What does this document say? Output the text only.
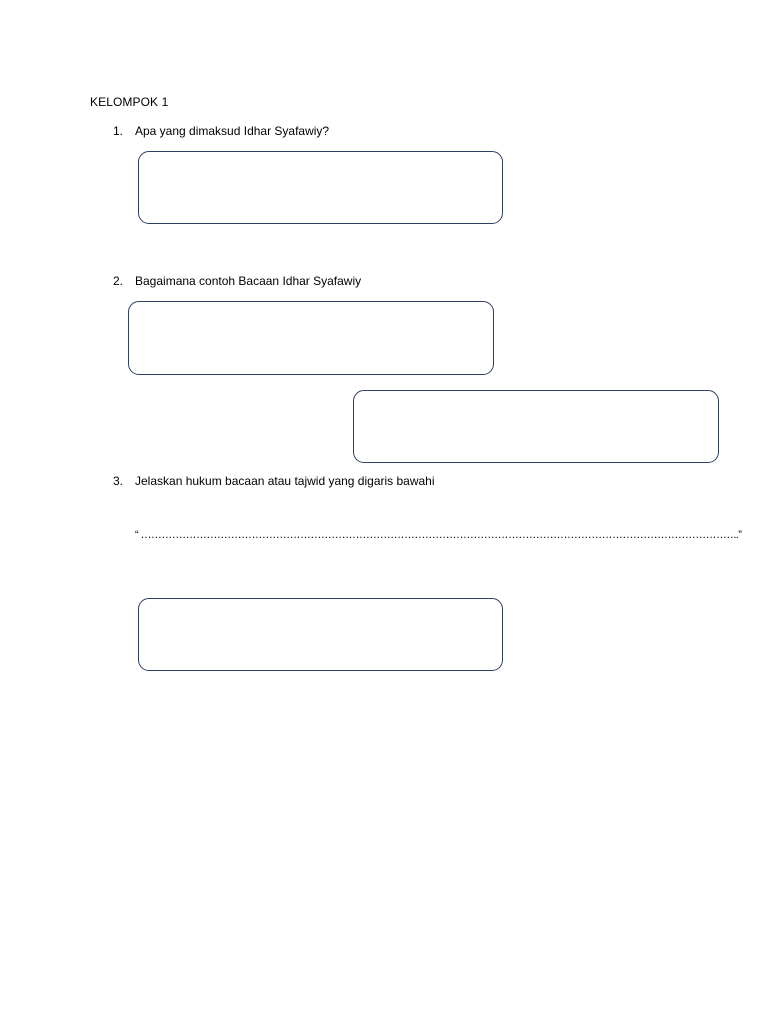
KELOMPOK 1
1. Apa yang dimaksud Idhar Syafawiy?
2. Bagaimana contoh Bacaan Idhar Syafawiy
3. Jelaskan hukum bacaan atau tajwid yang digaris bawahi
“ ………………………………………………………………………………………………………………………………………………………..”
